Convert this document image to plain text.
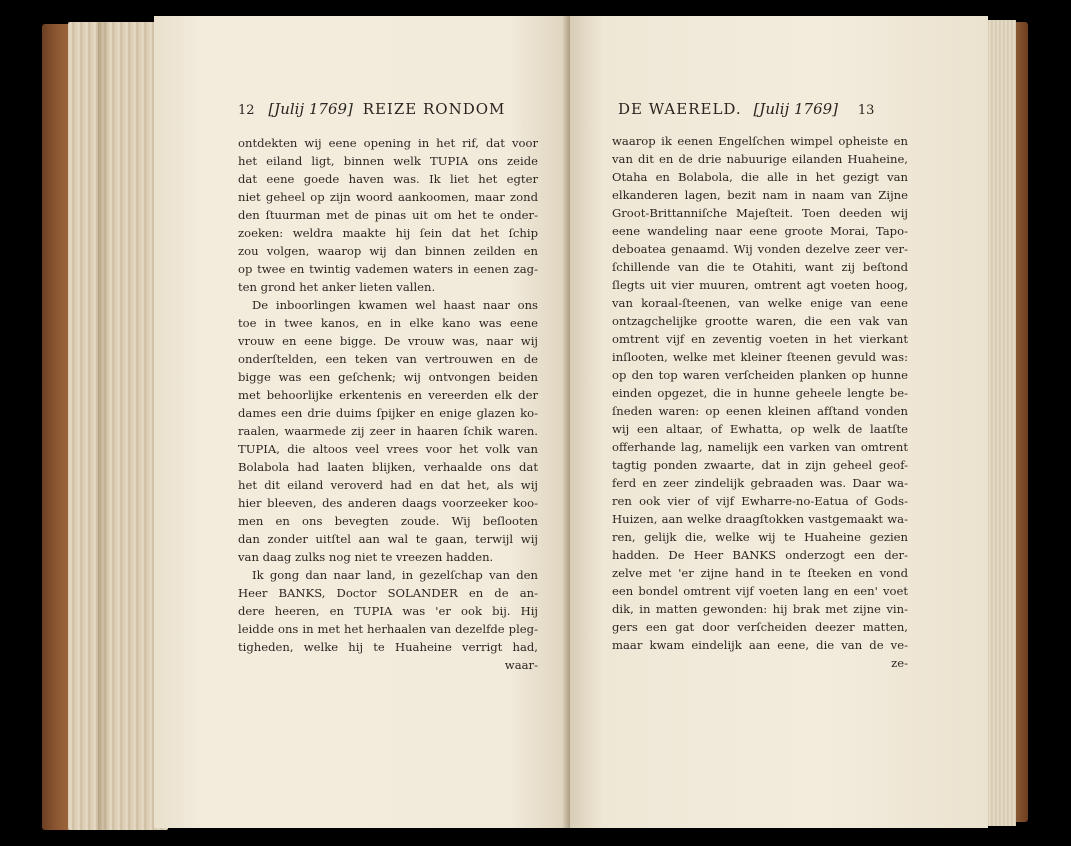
12 [Julij 1769] REIZE RONDOM
ontdekten wij eene opening in het rif, dat voor
het eiland ligt, binnen welk TUPIA ons zeide
dat eene goede haven was. Ik liet het egter
niet geheel op zijn woord aankoomen, maar zond
den ſtuurman met de pinas uit om het te onder-
zoeken: weldra maakte hij ſein dat het ſchip
zou volgen, waarop wij dan binnen zeilden en
op twee en twintig vademen waters in eenen zag-
ten grond het anker lieten vallen.
De inboorlingen kwamen wel haast naar ons
toe in twee kanos, en in elke kano was eene
vrouw en eene bigge. De vrouw was, naar wij
onderſtelden, een teken van vertrouwen en de
bigge was een geſchenk; wij ontvongen beiden
met behoorlijke erkentenis en vereerden elk der
dames een drie duims ſpijker en enige glazen ko-
raalen, waarmede zij zeer in haaren ſchik waren.
TUPIA, die altoos veel vrees voor het volk van
Bolabola had laaten blijken, verhaalde ons dat
het dit eiland veroverd had en dat het, als wij
hier bleeven, des anderen daags voorzeeker koo-
men en ons bevegten zoude. Wij beſlooten
dan zonder uitſtel aan wal te gaan, terwijl wij
van daag zulks nog niet te vreezen hadden.
Ik gong dan naar land, in gezelſchap van den
Heer BANKS, Doctor SOLANDER en de an-
dere heeren, en TUPIA was 'er ook bij. Hij
leidde ons in met het herhaalen van dezelfde pleg-
tigheden, welke hij te Huaheine verrigt had,
waar-
DE WAERELD. [Julij 1769] 13
waarop ik eenen Engelſchen wimpel opheiste en
van dit en de drie nabuurige eilanden Huaheine,
Otaha en Bolabola, die alle in het gezigt van
elkanderen lagen, bezit nam in naam van Zijne
Groot-Brittanniſche Majeſteit. Toen deeden wij
eene wandeling naar eene groote Morai, Tapo-
deboatea genaamd. Wij vonden dezelve zeer ver-
ſchillende van die te Otahiti, want zij beſtond
ſlegts uit vier muuren, omtrent agt voeten hoog,
van koraal-ſteenen, van welke enige van eene
ontzagchelijke grootte waren, die een vak van
omtrent vijf en zeventig voeten in het vierkant
inſlooten, welke met kleiner ſteenen gevuld was:
op den top waren verſcheiden planken op hunne
einden opgezet, die in hunne geheele lengte be-
ſneden waren: op eenen kleinen afſtand vonden
wij een altaar, of Ewhatta, op welk de laatſte
offerhande lag, namelijk een varken van omtrent
tagtig ponden zwaarte, dat in zijn geheel geof-
ferd en zeer zindelijk gebraaden was. Daar wa-
ren ook vier of vijf Ewharre-no-Eatua of Gods-
Huizen, aan welke draagſtokken vastgemaakt wa-
ren, gelijk die, welke wij te Huaheine gezien
hadden. De Heer BANKS onderzogt een der-
zelve met 'er zijne hand in te ſteeken en vond
een bondel omtrent vijf voeten lang en een' voet
dik, in matten gewonden: hij brak met zijne vin-
gers een gat door verſcheiden deezer matten,
maar kwam eindelijk aan eene, die van de ve-
ze-
